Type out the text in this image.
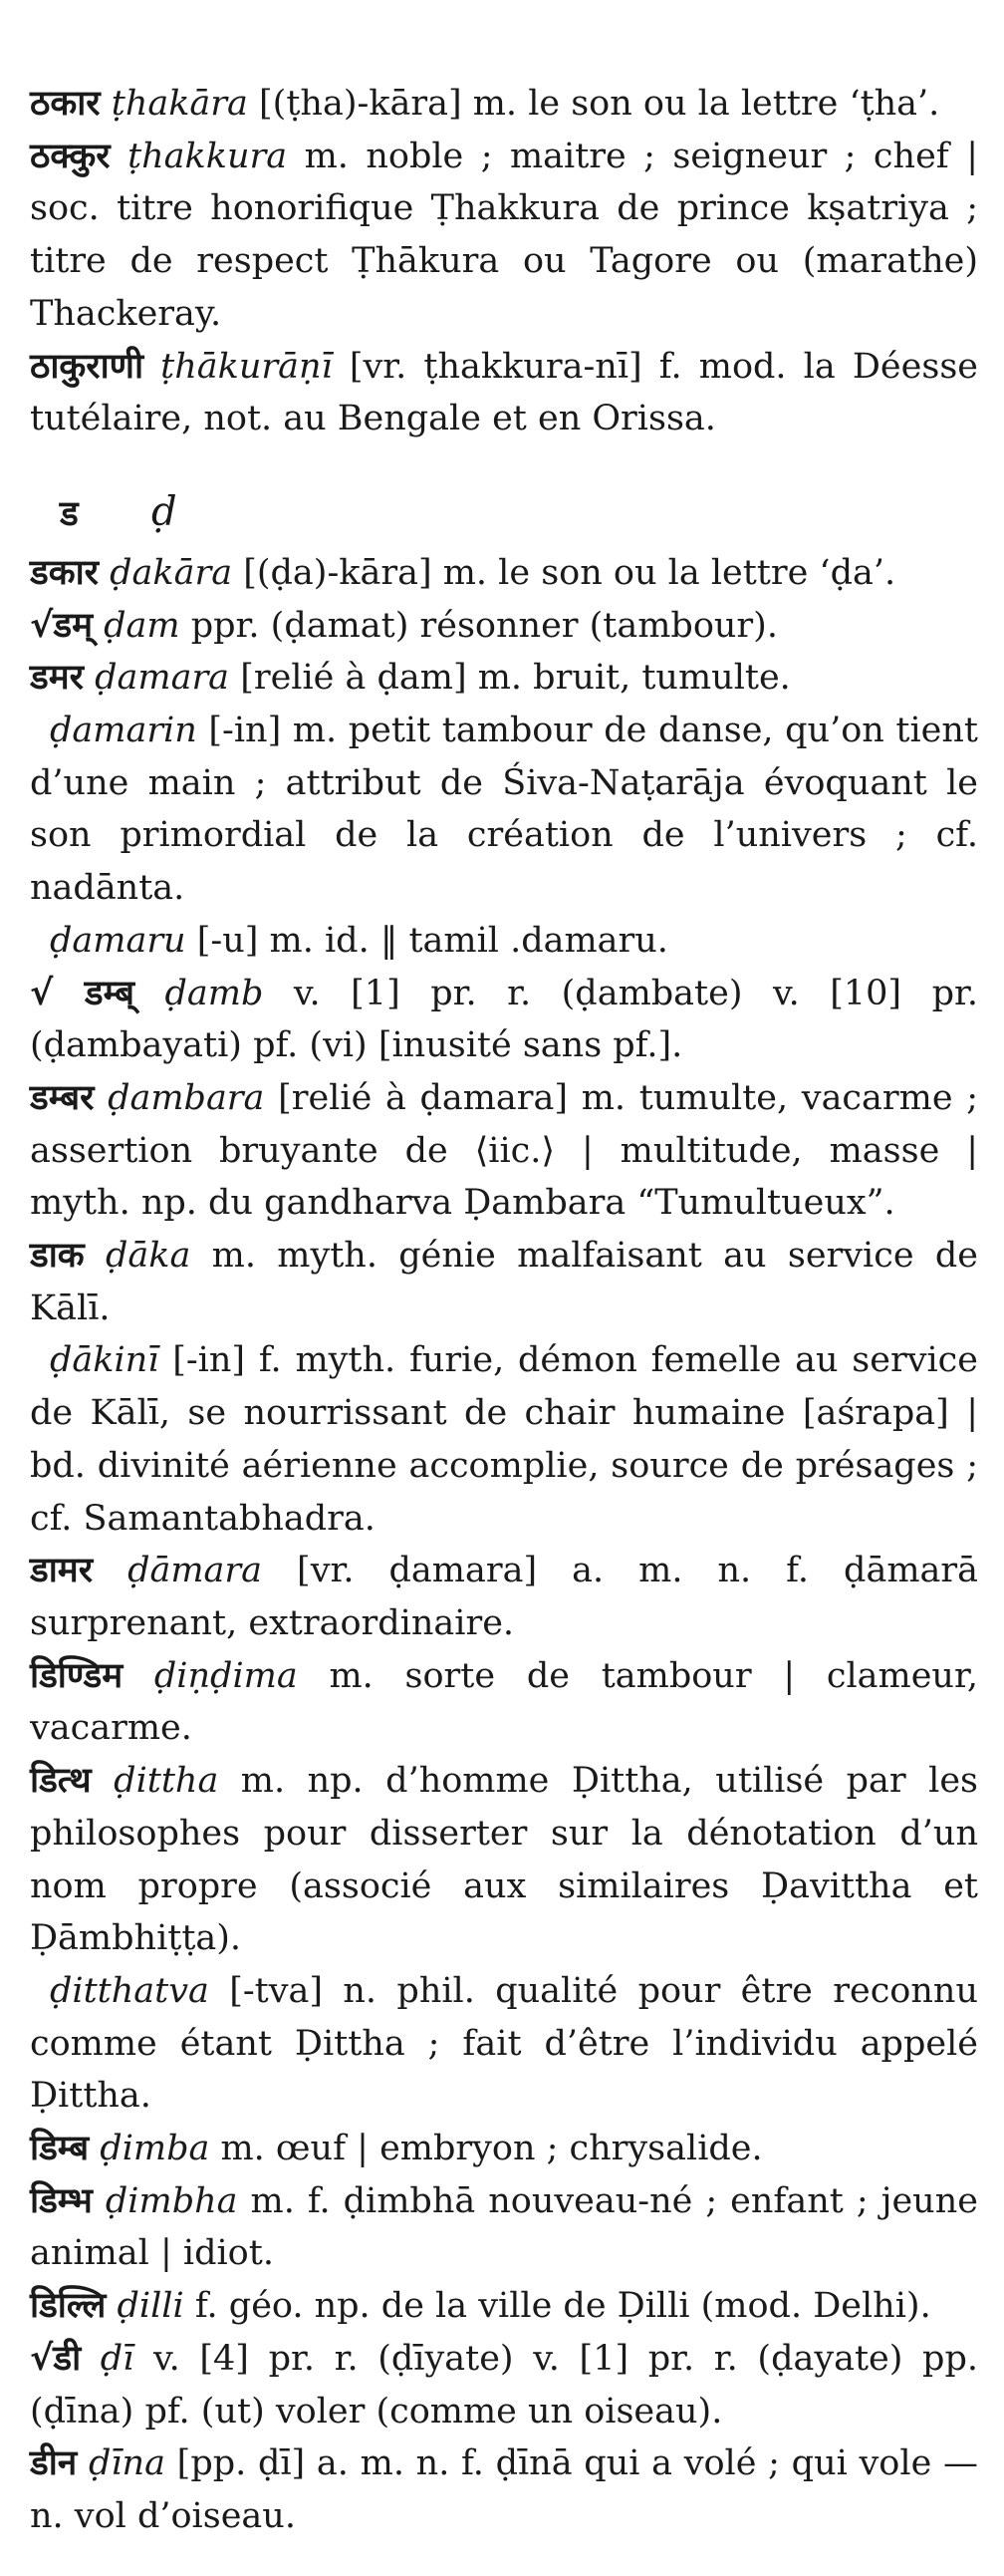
ठकार ṭhakāra [(ṭha)-kāra] m. le son ou la lettre ‘ṭha’.

ठक्कुर ṭhakkura m. noble ; maitre ; seigneur ; chef | soc. titre honorifique Ṭhakkura de prince kṣatriya ; titre de respect Ṭhākura ou Tagore ou (marathe) Thackeray.

ठाकुराणी ṭhākurāṇī [vr. ṭhakkura-nī] f. mod. la Déesse tutélaire, not. au Bengale et en Orissa.

ड ḍ

डकार ḍakāra [(ḍa)-kāra] m. le son ou la lettre ‘ḍa’.

√डम् ḍam ppr. (ḍamat) résonner (tambour).

डमर ḍamara [relié à ḍam] m. bruit, tumulte.

ḍamarin [-in] m. petit tambour de danse, qu’on tient d’une main ; attribut de Śiva-Naṭarāja évoquant le son primordial de la création de l’univers ; cf. nadānta.

ḍamaru [-u] m. id. ‖ tamil .damaru.

√ डम्ब् ḍamb v. [1] pr. r. (ḍambate) v. [10] pr. (ḍambayati) pf. (vi) [inusité sans pf.].

डम्बर ḍambara [relié à ḍamara] m. tumulte, vacarme ; assertion bruyante de ⟨iic.⟩ | multitude, masse | myth. np. du gandharva Ḍambara “Tumultueux”.

डाक ḍāka m. myth. génie malfaisant au service de Kālī.

ḍākinī [-in] f. myth. furie, démon femelle au service de Kālī, se nourrissant de chair humaine [aśrapa] | bd. divinité aérienne accomplie, source de présages ; cf. Samantabhadra.

डामर ḍāmara [vr. ḍamara] a. m. n. f. ḍāmarā surprenant, extraordinaire.

डिण्डिम ḍiṇḍima m. sorte de tambour | clameur, vacarme.

डित्थ ḍittha m. np. d’homme Ḍittha, utilisé par les philosophes pour disserter sur la dénotation d’un nom propre (associé aux similaires Ḍavittha et Ḍāmbhiṭṭa).

ḍitthatva [-tva] n. phil. qualité pour être reconnu comme étant Ḍittha ; fait d’être l’individu appelé Ḍittha.

डिम्ब ḍimba m. œuf | embryon ; chrysalide.

डिम्भ ḍimbha m. f. ḍimbhā nouveau-né ; enfant ; jeune animal | idiot.

डिल्लि ḍilli f. géo. np. de la ville de Ḍilli (mod. Delhi).

√डी ḍī v. [4] pr. r. (ḍīyate) v. [1] pr. r. (ḍayate) pp. (ḍīna) pf. (ut) voler (comme un oiseau).

डीन ḍīna [pp. ḍī] a. m. n. f. ḍīnā qui a volé ; qui vole — n. vol d’oiseau.
